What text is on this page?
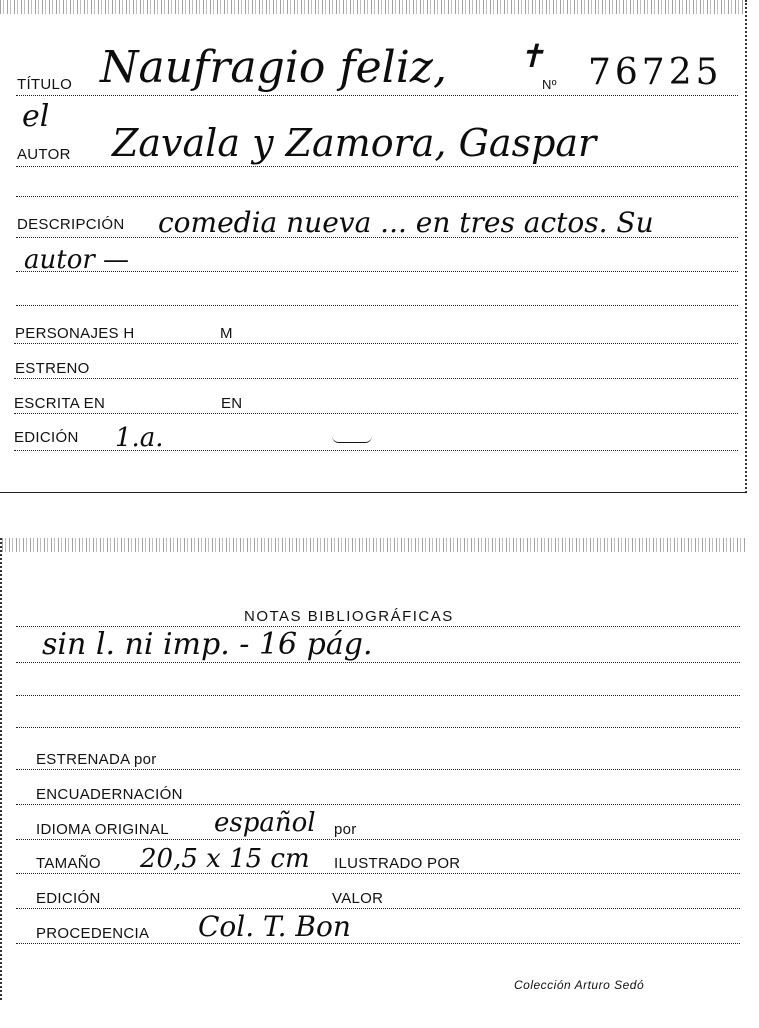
TÍTULO Naufragio feliz, ✝
Nº 76725
el
AUTOR Zavala y Zamora, Gaspar
DESCRIPCIÓN comedia nueva ... en tres actos. Su
autor —
PERSONAJES H	M
ESTRENO
ESCRITA EN	EN
EDICIÓN 1.a.
NOTAS BIBLIOGRÁFICAS
sin l. ni imp. - 16 pág.
ESTRENADA por
ENCUADERNACIÓN
IDIOMA ORIGINAL español por
TAMAÑO 20,5 x 15 cm ILUSTRADO POR
EDICIÓN	VALOR
PROCEDENCIA Col. T. Bon
Colección Arturo Sedó
